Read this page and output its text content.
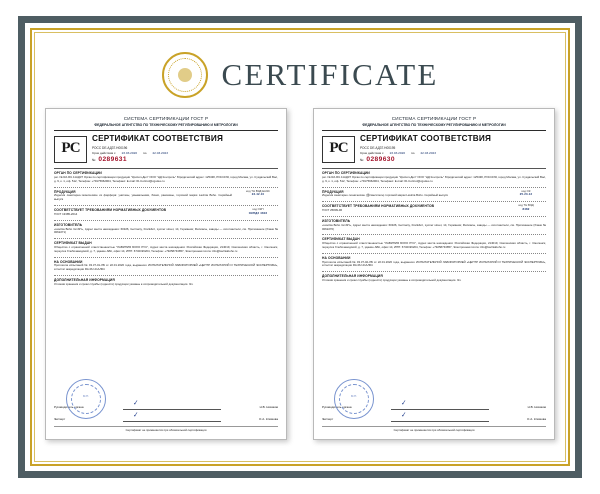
CERTIFICATE
СИСТЕМА СЕРТИФИКАЦИИ ГОСТ Р
ФЕДЕРАЛЬНОЕ АГЕНТСТВО ПО ТЕХНИЧЕСКОМУ РЕГУЛИРОВАНИЮ И МЕТРОЛОГИИ
РС
СЕРТИФИКАТ СООТВЕТСТВИЯ
РОСС DE.АД37.Н00196
Срок действия с 23.03.2020 по 22.03.2023
№ 0289631
ОРГАН ПО СЕРТИФИКАЦИИ
рег. № RA.RU.11АД37 Орган по сертификации продукции "Крипол-Дел" ООО "ЦД Контроль" Юридический адрес: 125438, РОССИЯ, город Москва, ул. Суздальский Вал, д. 9, к. 1, оф. 512, Телефон: +79175962904, Телефакс: E-mail: ID-Control@cgudes.ru
ПРОДУКЦИЯ
Изделия санитарно-технические из фарфора: унитазы, умывальники, бачки, раковины, торговой марки Lavinia Boho. Серийный выпуск
код ТН ВЭД ЕАЭС
23.42.10
СООТВЕТСТВУЕТ ТРЕБОВАНИЯМ НОРМАТИВНЫХ ДОКУМЕНТОВ
ГОСТ 13385-2014
код ОКП
ОКПД2 4816
ИЗГОТОВИТЕЛЬ
«Lavinia Boho GmbH», Адрес места нахождения: 60326, Germany, Frankfurt, Lyoner street, 14, Германия; Филиалы, заводы — изготовители, см. Приложение (бланк № 0062271)
СЕРТИФИКАТ ВЫДАН
Общество с ограниченной ответственностью "ЛАВИНИЯ БОХО РУС", Адрес места нахождения: Российская Федерация, 214019, Смоленская область, г. Смоленск, переулок Хлебозаводский, д. 7, здание АБК, офис 14, ИНН: 6732196204, Телефон: +79258743857, Электронная почта: info@laviniaboho.ru
НА ОСНОВАНИИ
Протокола испытаний № 03.37-01-ЛБ от 22.01.2020 года, выданного ИСПЫТАТЕЛЬНОЙ ЛАБОРАТОРИЕЙ «ЦЕНТР ИСПЫТАНИЙ И ТЕХНИЧЕСКОЙ ЭКСПЕРТИЗЫ», аттестат аккредитации RA.RU.21АЛ04
ДОПОЛНИТЕЛЬНАЯ ИНФОРМАЦИЯ
Условия хранения и сроки службы (годности) продукции указаны в сопроводительной документации. Эл.
М.П.
Руководитель органа	✓	Н.В. Новиков
Эксперт	✓	О.А. Климова
Сертификат не применяется при обязательной сертификации
СИСТЕМА СЕРТИФИКАЦИИ ГОСТ Р
ФЕДЕРАЛЬНОЕ АГЕНТСТВО ПО ТЕХНИЧЕСКОМУ РЕГУЛИРОВАНИЮ И МЕТРОЛОГИИ
РС
СЕРТИФИКАТ СООТВЕТСТВИЯ
РОСС DE.АД37.Н00195
Срок действия с 23.03.2020 по 22.03.2023
№ 0289630
ОРГАН ПО СЕРТИФИКАЦИИ
рег. № RA.RU.11АД37 Орган по сертификации продукции "Крипол-Дел" ООО "ЦД Контроль" Юридический адрес: 125438, РОССИЯ, город Москва, ул. Суздальский Вал, д. 9, к. 1, оф. 512, Телефон: +79175962904, Телефакс: E-mail: ID-Control@cgudes.ru
ПРОДУКЦИЯ
Изделия санитарно-технические (掛смеситель) торговой марки Lavinia Boho. Серийный выпуск
код ОК
25.23.12
СООТВЕТСТВУЕТ ТРЕБОВАНИЯМ НОРМАТИВНЫХ ДОКУМЕНТОВ
ГОСТ 25809-96
код ТН ВЭД
8482
ИЗГОТОВИТЕЛЬ
«Lavinia Boho GmbH», Адрес места нахождения: 60326, Germany, Frankfurt, Lyoner street, 14, Германия; Филиалы, заводы — изготовители, см. Приложение (бланк № 0062270)
СЕРТИФИКАТ ВЫДАН
Общество с ограниченной ответственностью "ЛАВИНИЯ БОХО РУС", Адрес места нахождения: Российская Федерация, 214019, Смоленская область, г. Смоленск, переулок Хлебозаводский, д. 7, здание АБК, офис 14, ИНН: 6732196204, Телефон: +79258743857, Электронная почта: info@laviniaboho.ru
НА ОСНОВАНИИ
Протокола испытаний № 03.37-02-ЛБ от 22.01.2020 года, выданного ИСПЫТАТЕЛЬНОЙ ЛАБОРАТОРИЕЙ «ЦЕНТР ИСПЫТАНИЙ И ТЕХНИЧЕСКОЙ ЭКСПЕРТИЗЫ», аттестат аккредитации RA.RU.21АЛ04
ДОПОЛНИТЕЛЬНАЯ ИНФОРМАЦИЯ
Условия хранения и сроки службы (годности) продукции указаны в сопроводительной документации. Эл.
М.П.
Руководитель органа	✓	Н.В. Новиков
Эксперт	✓	О.А. Климова
Сертификат не применяется при обязательной сертификации
